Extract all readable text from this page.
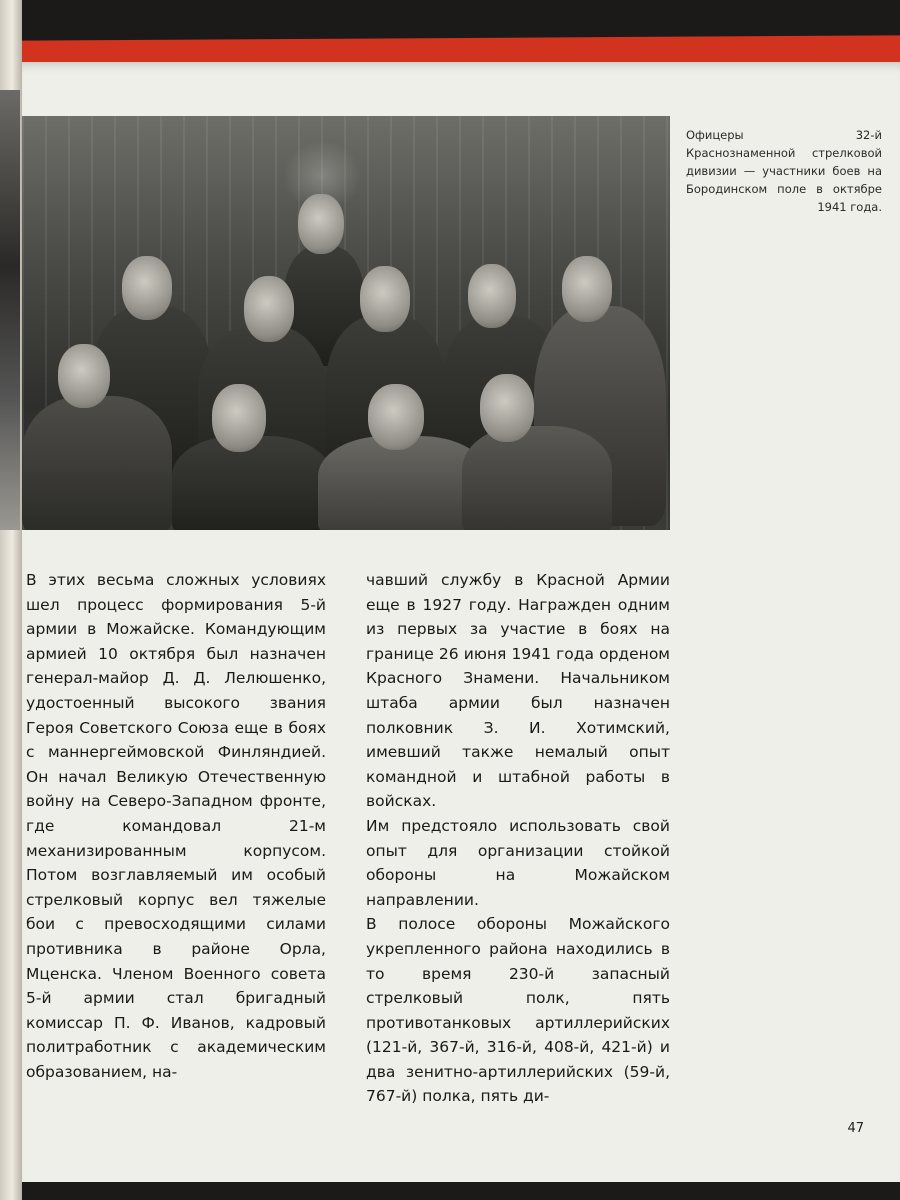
Офицеры 32-й Краснознаменной стрелковой дивизии — участники боев на Бородинском поле в октябре 1941 года.

В этих весьма сложных условиях шел процесс формирования 5-й армии в Можайске. Командующим армией 10 октября был назначен генерал-майор Д. Д. Лелюшенко, удостоенный высокого звания Героя Советского Союза еще в боях с маннергеймовской Финляндией. Он начал Великую Отечественную войну на Северо-Западном фронте, где командовал 21-м механизированным корпусом. Потом возглавляемый им особый стрелковый корпус вел тяжелые бои с превосходящими силами противника в районе Орла, Мценска. Членом Военного совета 5-й армии стал бригадный комиссар П. Ф. Иванов, кадровый политработник с академическим образованием, на-

чавший службу в Красной Армии еще в 1927 году. Награжден одним из первых за участие в боях на границе 26 июня 1941 года орденом Красного Знамени. Начальником штаба армии был назначен полковник З. И. Хотимский, имевший также немалый опыт командной и штабной работы в войсках.

Им предстояло использовать свой опыт для организации стойкой обороны на Можайском направлении.

В полосе обороны Можайского укрепленного района находились в то время 230-й запасный стрелковый полк, пять противотанковых артиллерийских (121-й, 367-й, 316-й, 408-й, 421-й) и два зенитно-артиллерийских (59-й, 767-й) полка, пять ди-

47
